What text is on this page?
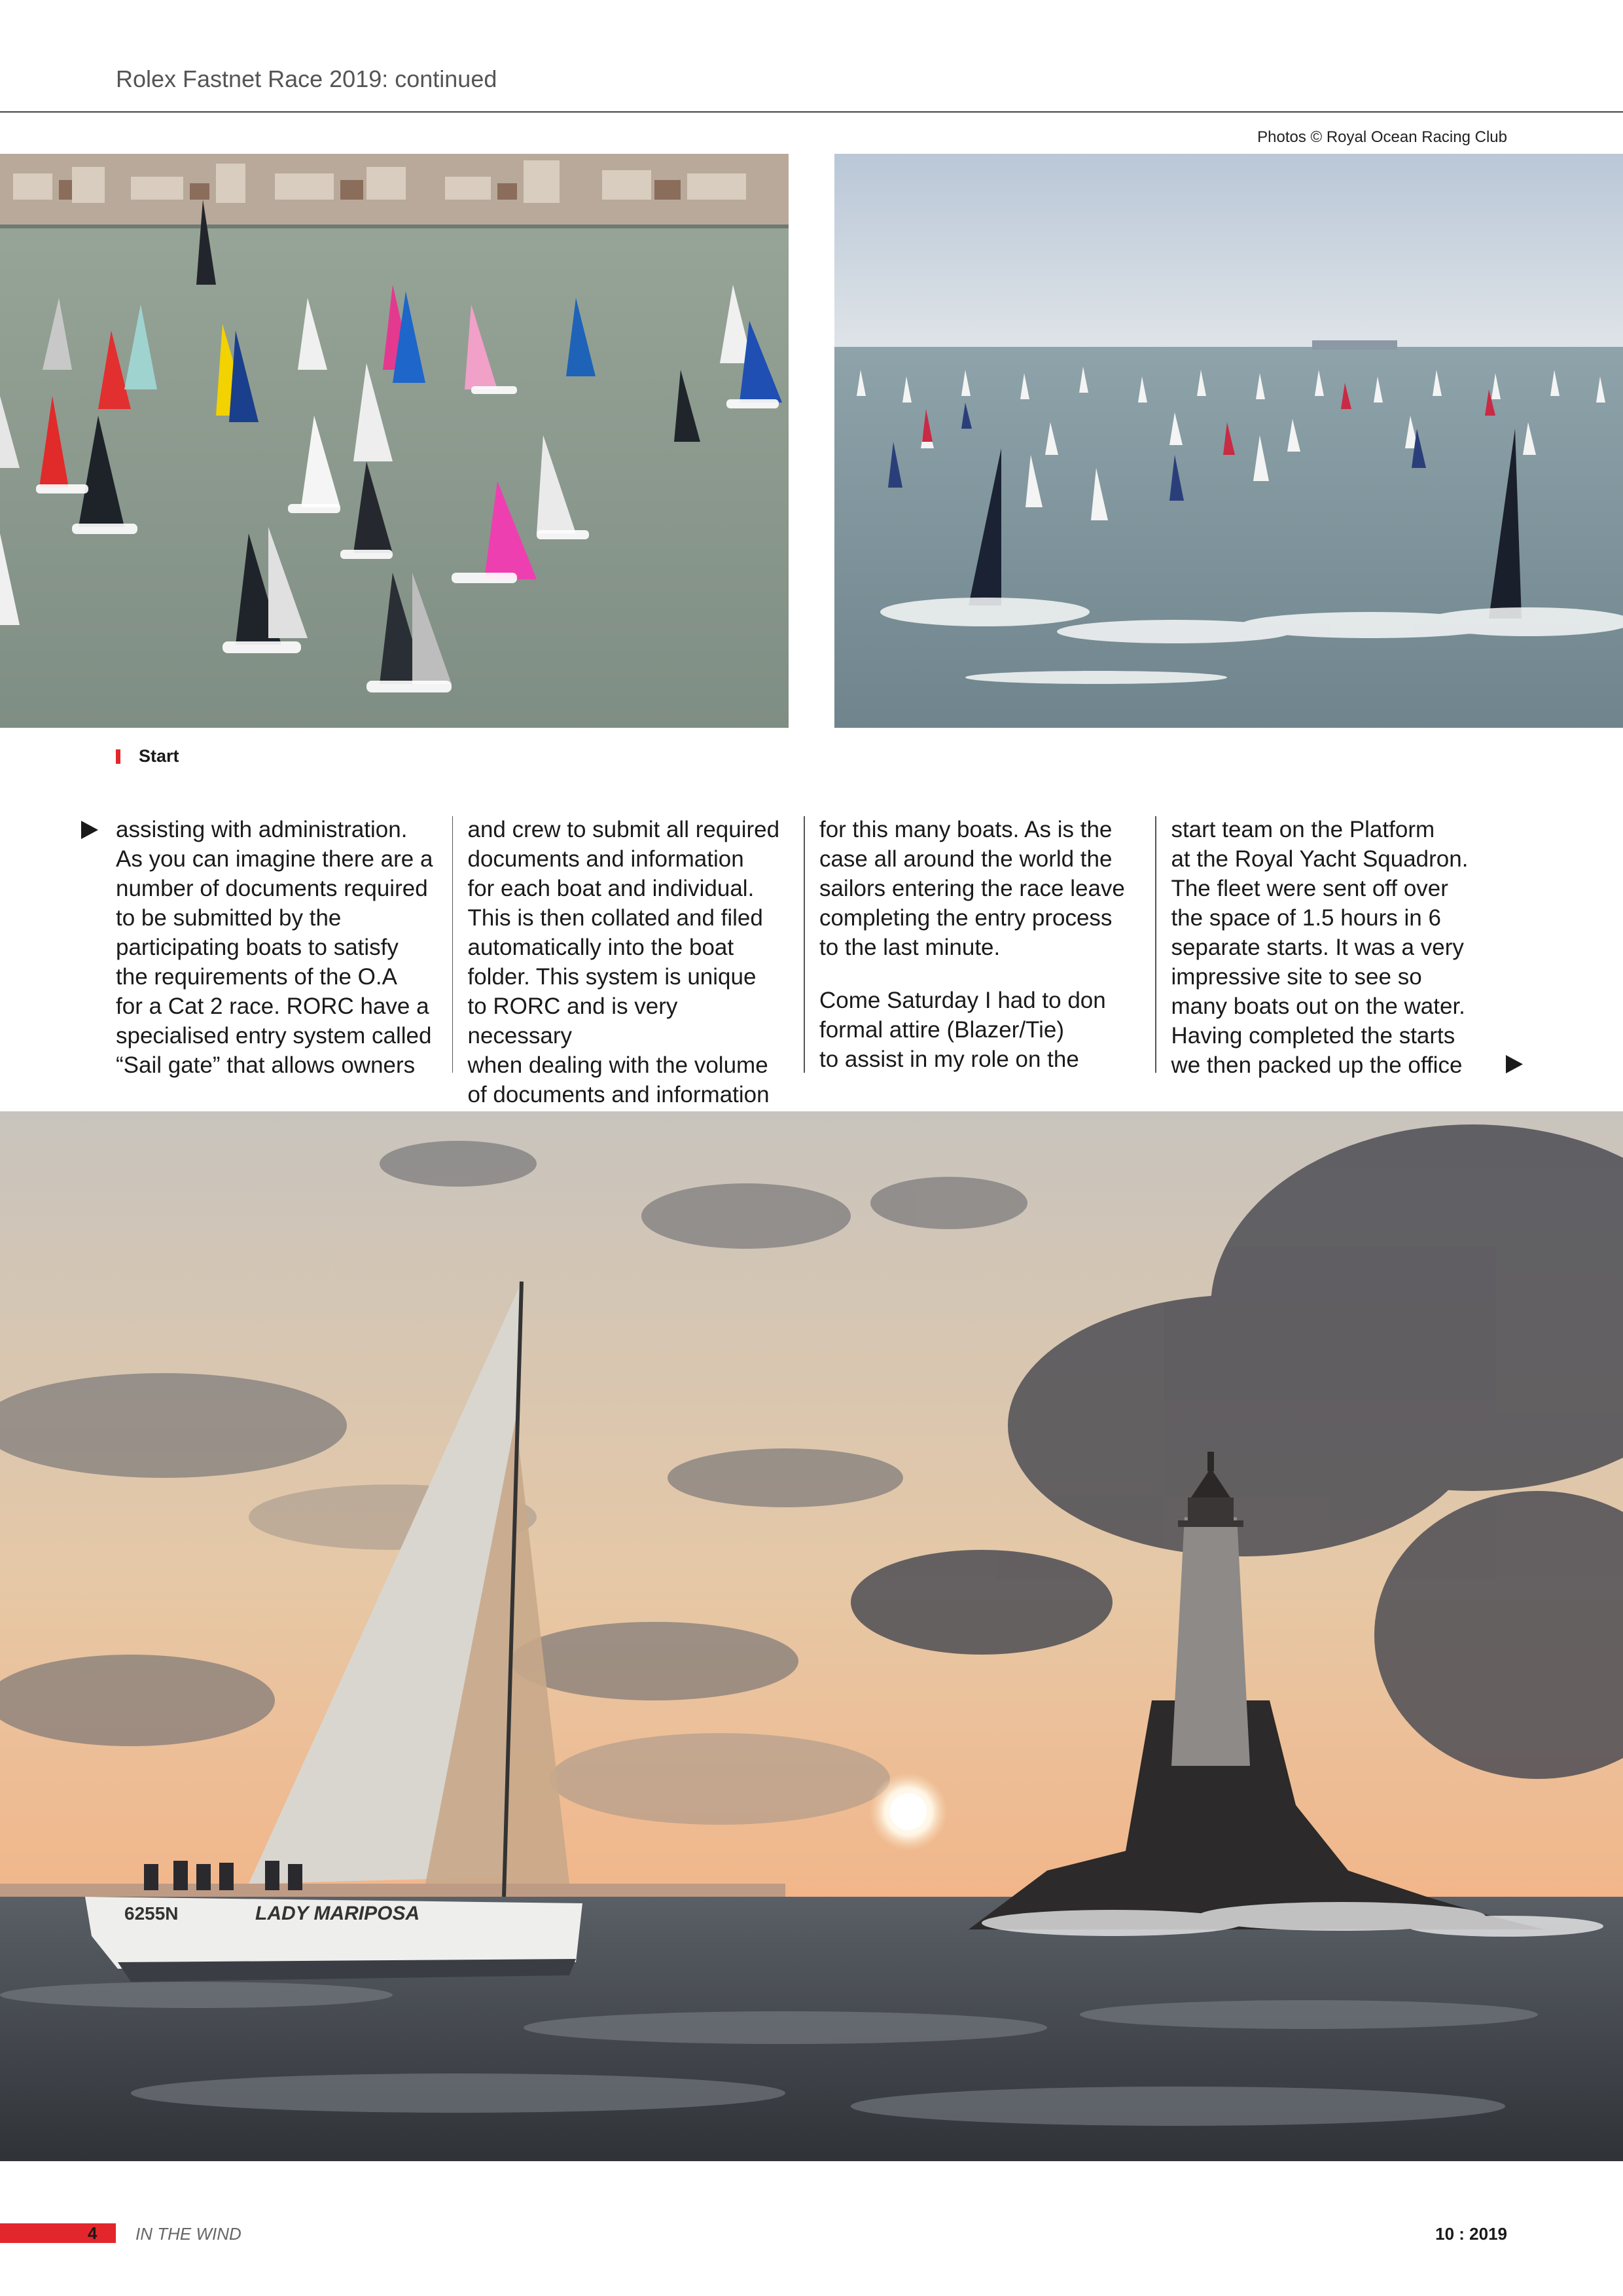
Rolex Fastnet Race 2019: continued
Photos © Royal Ocean Racing Club
Start

assisting with administration.
As you can imagine there are a
number of documents required
to be submitted by the
participating boats to satisfy
the requirements of the O.A
for a Cat 2 race. RORC have a
specialised entry system called
“Sail gate” that allows owners

and crew to submit all required
documents and information
for each boat and individual.
This is then collated and filed
automatically into the boat
folder. This system is unique
to RORC and is very necessary
when dealing with the volume
of documents and information

for this many boats. As is the
case all around the world the
sailors entering the race leave
completing the entry process
to the last minute.

Come Saturday I had to don
formal attire (Blazer/Tie)
to assist in my role on the

start team on the Platform
at the Royal Yacht Squadron.
The fleet were sent off over
the space of 1.5 hours in 6
separate starts. It was a very
impressive site to see so
many boats out on the water.
Having completed the starts
we then packed up the office

6255N	LADY MARIPOSA
4 IN THE WIND	10 : 2019
